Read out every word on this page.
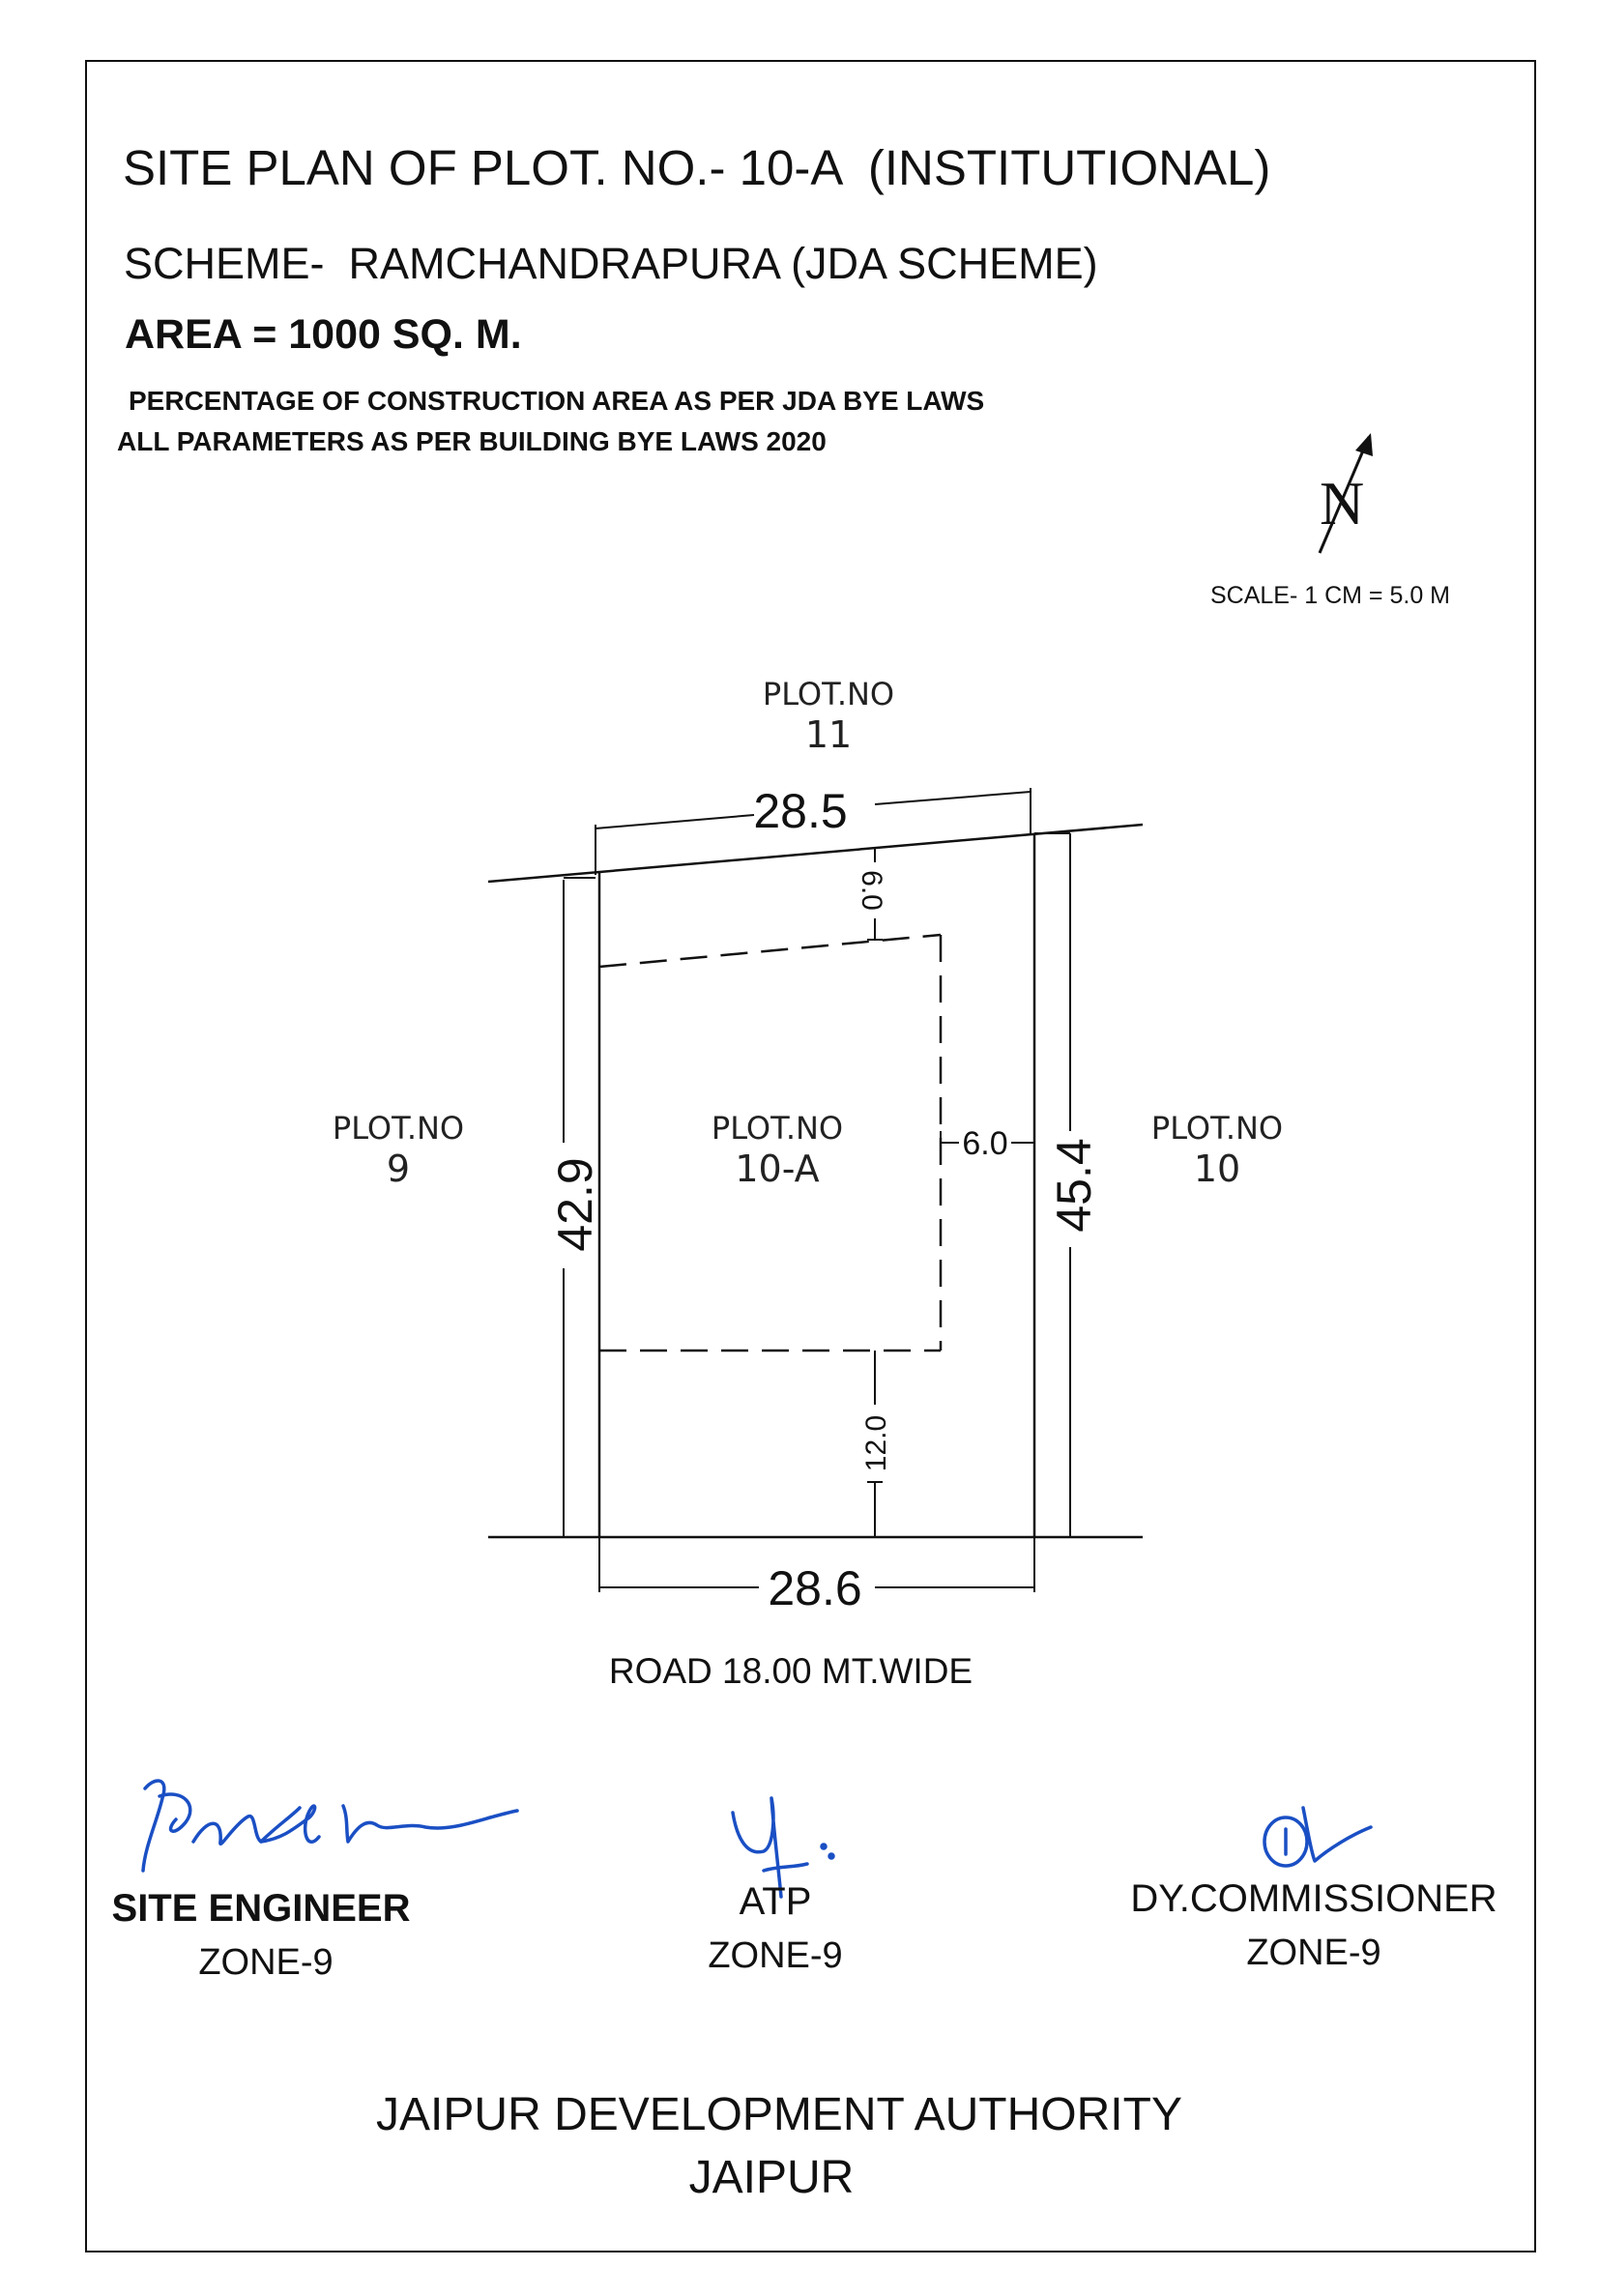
SITE PLAN OF PLOT. NO.- 10-A  (INSTITUTIONAL)
SCHEME-  RAMCHANDRAPURA (JDA SCHEME)
AREA = 1000 SQ. M.
PERCENTAGE OF CONSTRUCTION AREA AS PER JDA BYE LAWS
ALL PARAMETERS AS PER BUILDING BYE LAWS 2020
N
SCALE- 1 CM = 5.0 M
PLOT.NO
11
PLOT.NO
9
PLOT.NO
10-A
PLOT.NO
10
28.5
28.6
42.9	45.4
6.0
6.0
12.0
ROAD 18.00 MT.WIDE
SITE ENGINEER
ZONE-9
ATP
ZONE-9
DY.COMMISSIONER
ZONE-9
JAIPUR DEVELOPMENT AUTHORITY
JAIPUR
